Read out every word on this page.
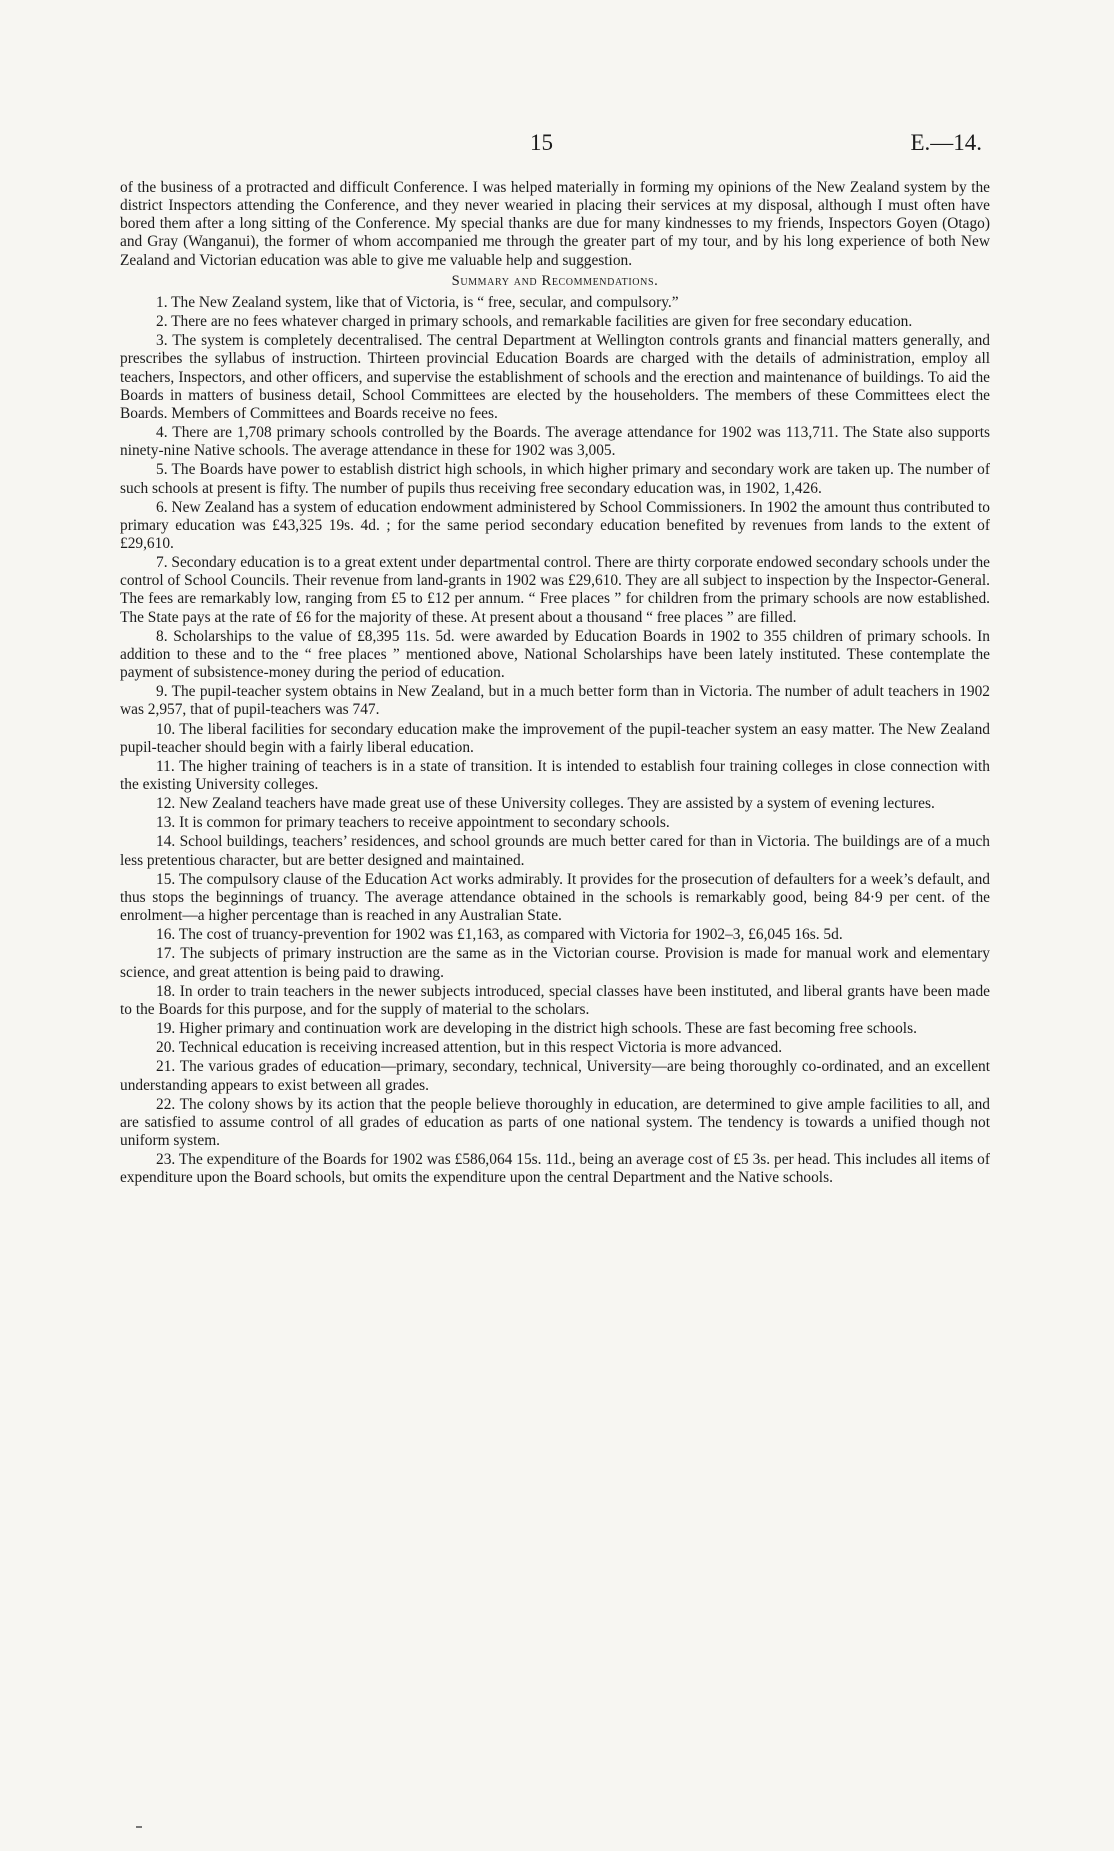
15	E.—14.

of the business of a protracted and difficult Conference. I was helped materially in forming my opinions of the New Zealand system by the district Inspectors attending the Conference, and they never wearied in placing their services at my disposal, although I must often have bored them after a long sitting of the Conference. My special thanks are due for many kindnesses to my friends, Inspectors Goyen (Otago) and Gray (Wanganui), the former of whom accompanied me through the greater part of my tour, and by his long experience of both New Zealand and Victorian education was able to give me valuable help and suggestion.

Summary and Recommendations.

1. The New Zealand system, like that of Victoria, is “ free, secular, and compulsory.”

2. There are no fees whatever charged in primary schools, and remarkable facilities are given for free secondary education.

3. The system is completely decentralised. The central Department at Wellington controls grants and financial matters generally, and prescribes the syllabus of instruction. Thirteen provincial Education Boards are charged with the details of administration, employ all teachers, Inspectors, and other officers, and supervise the establishment of schools and the erection and maintenance of buildings. To aid the Boards in matters of business detail, School Committees are elected by the householders. The members of these Committees elect the Boards. Members of Committees and Boards receive no fees.

4. There are 1,708 primary schools controlled by the Boards. The average attendance for 1902 was 113,711. The State also supports ninety-nine Native schools. The average attendance in these for 1902 was 3,005.

5. The Boards have power to establish district high schools, in which higher primary and secondary work are taken up. The number of such schools at present is fifty. The number of pupils thus receiving free secondary education was, in 1902, 1,426.

6. New Zealand has a system of education endowment administered by School Commissioners. In 1902 the amount thus contributed to primary education was £43,325 19s. 4d. ; for the same period secondary education benefited by revenues from lands to the extent of £29,610.

7. Secondary education is to a great extent under departmental control. There are thirty corporate endowed secondary schools under the control of School Councils. Their revenue from land-grants in 1902 was £29,610. They are all subject to inspection by the Inspector-General. The fees are remarkably low, ranging from £5 to £12 per annum. “ Free places ” for children from the primary schools are now established. The State pays at the rate of £6 for the majority of these. At present about a thousand “ free places ” are filled.

8. Scholarships to the value of £8,395 11s. 5d. were awarded by Education Boards in 1902 to 355 children of primary schools. In addition to these and to the “ free places ” mentioned above, National Scholarships have been lately instituted. These contemplate the payment of subsistence-money during the period of education.

9. The pupil-teacher system obtains in New Zealand, but in a much better form than in Victoria. The number of adult teachers in 1902 was 2,957, that of pupil-teachers was 747.

10. The liberal facilities for secondary education make the improvement of the pupil-teacher system an easy matter. The New Zealand pupil-teacher should begin with a fairly liberal education.

11. The higher training of teachers is in a state of transition. It is intended to establish four training colleges in close connection with the existing University colleges.

12. New Zealand teachers have made great use of these University colleges. They are assisted by a system of evening lectures.

13. It is common for primary teachers to receive appointment to secondary schools.

14. School buildings, teachers’ residences, and school grounds are much better cared for than in Victoria. The buildings are of a much less pretentious character, but are better designed and maintained.

15. The compulsory clause of the Education Act works admirably. It provides for the prosecution of defaulters for a week’s default, and thus stops the beginnings of truancy. The average attendance obtained in the schools is remarkably good, being 84·9 per cent. of the enrolment—a higher percentage than is reached in any Australian State.

16. The cost of truancy-prevention for 1902 was £1,163, as compared with Victoria for 1902–3, £6,045 16s. 5d.

17. The subjects of primary instruction are the same as in the Victorian course. Provision is made for manual work and elementary science, and great attention is being paid to drawing.

18. In order to train teachers in the newer subjects introduced, special classes have been instituted, and liberal grants have been made to the Boards for this purpose, and for the supply of material to the scholars.

19. Higher primary and continuation work are developing in the district high schools. These are fast becoming free schools.

20. Technical education is receiving increased attention, but in this respect Victoria is more advanced.

21. The various grades of education—primary, secondary, technical, University—are being thoroughly co-ordinated, and an excellent understanding appears to exist between all grades.

22. The colony shows by its action that the people believe thoroughly in education, are determined to give ample facilities to all, and are satisfied to assume control of all grades of education as parts of one national system. The tendency is towards a unified though not uniform system.

23. The expenditure of the Boards for 1902 was £586,064 15s. 11d., being an average cost of £5 3s. per head. This includes all items of expenditure upon the Board schools, but omits the expenditure upon the central Department and the Native schools.
